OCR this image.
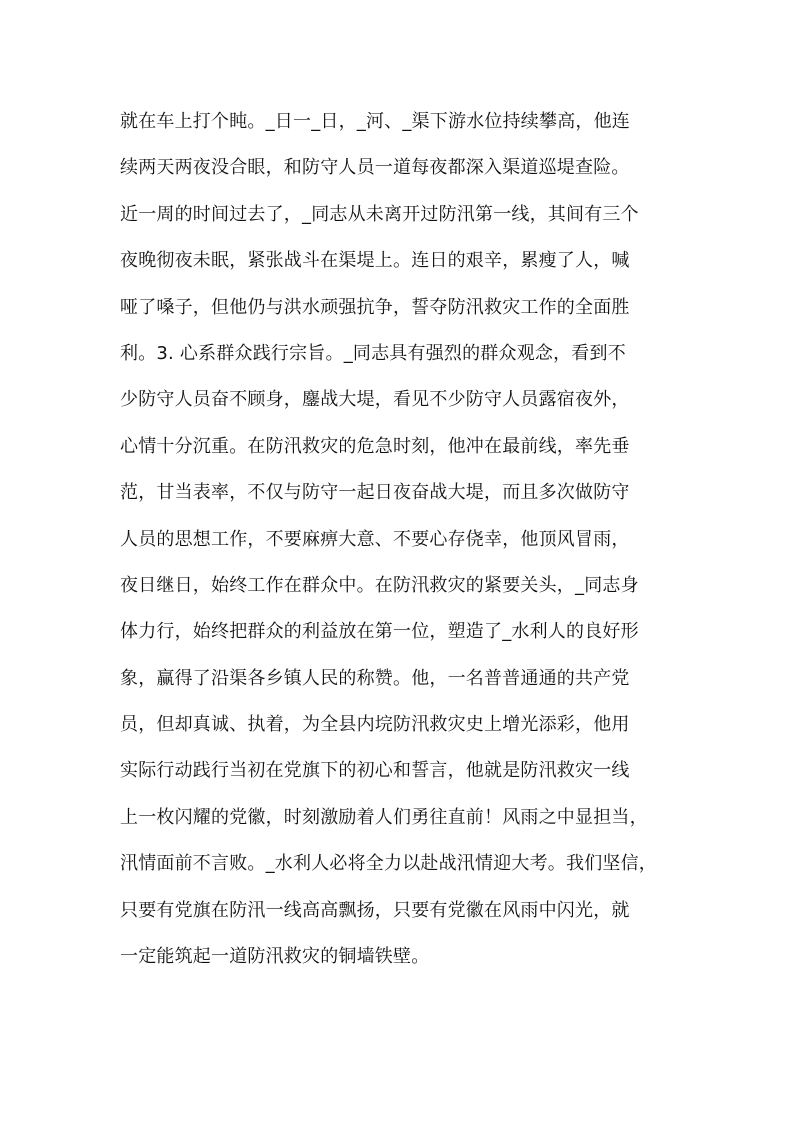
就在车上打个盹。_日一_日，_河、_渠下游水位持续攀高，他连
续两天两夜没合眼，和防守人员一道每夜都深入渠道巡堤查险。
近一周的时间过去了，_同志从未离开过防汛第一线，其间有三个
夜晚彻夜未眠，紧张战斗在渠堤上。连日的艰辛，累瘦了人，喊
哑了嗓子，但他仍与洪水顽强抗争，誓夺防汛救灾工作的全面胜
利。3. 心系群众践行宗旨。_同志具有强烈的群众观念，看到不
少防守人员奋不顾身，鏖战大堤，看见不少防守人员露宿夜外，
心情十分沉重。在防汛救灾的危急时刻，他冲在最前线，率先垂
范，甘当表率，不仅与防守一起日夜奋战大堤，而且多次做防守
人员的思想工作，不要麻痹大意、不要心存侥幸，他顶风冒雨，
夜日继日，始终工作在群众中。在防汛救灾的紧要关头，_同志身
体力行，始终把群众的利益放在第一位，塑造了_水利人的良好形
象，赢得了沿渠各乡镇人民的称赞。他，一名普普通通的共产党
员，但却真诚、执着，为全县内垸防汛救灾史上增光添彩，他用
实际行动践行当初在党旗下的初心和誓言，他就是防汛救灾一线
上一枚闪耀的党徽，时刻激励着人们勇往直前！风雨之中显担当，
汛情面前不言败。_水利人必将全力以赴战汛情迎大考。我们坚信，
只要有党旗在防汛一线高高飘扬，只要有党徽在风雨中闪光，就
一定能筑起一道防汛救灾的铜墙铁壁。
